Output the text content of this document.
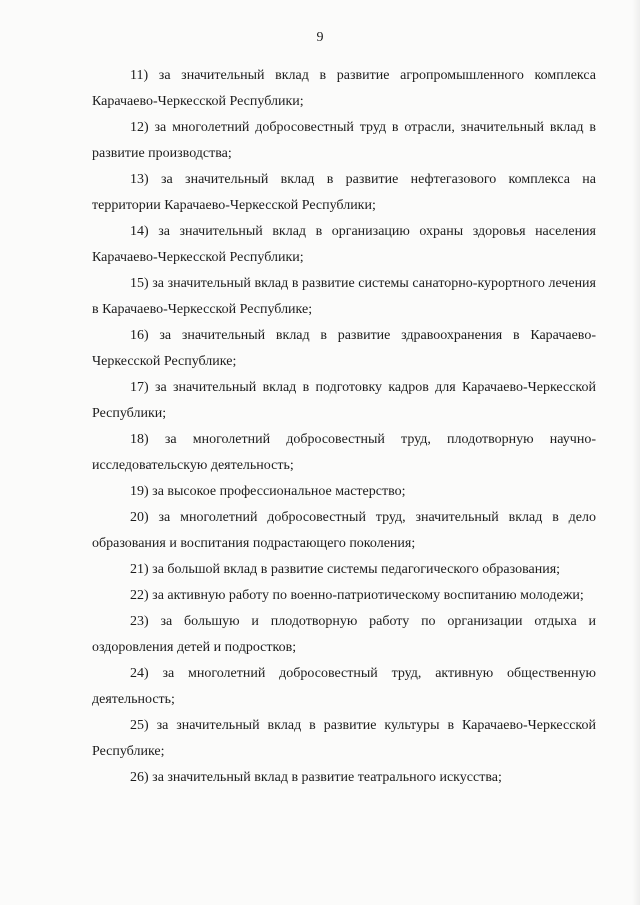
9

11) за значительный вклад в развитие агропромышленного комплекса Карачаево-Черкесской Республики;

12) за многолетний добросовестный труд в отрасли, значительный вклад в развитие производства;

13) за значительный вклад в развитие нефтегазового комплекса на территории Карачаево-Черкесской Республики;

14) за значительный вклад в организацию охраны здоровья населения Карачаево-Черкесской Республики;

15) за значительный вклад в развитие системы санаторно-курортного лечения в Карачаево-Черкесской Республике;

16) за значительный вклад в развитие здравоохранения в Карачаево-Черкесской Республике;

17) за значительный вклад в подготовку кадров для Карачаево-Черкесской Республики;

18) за многолетний добросовестный труд, плодотворную научно-исследовательскую деятельность;

19) за высокое профессиональное мастерство;

20) за многолетний добросовестный труд, значительный вклад в дело образования и воспитания подрастающего поколения;

21) за большой вклад в развитие системы педагогического образования;

22) за активную работу по военно-патриотическому воспитанию молодежи;

23) за большую и плодотворную работу по организации отдыха и оздоровления детей и подростков;

24) за многолетний добросовестный труд, активную общественную деятельность;

25) за значительный вклад в развитие культуры в Карачаево-Черкесской Республике;

26) за значительный вклад в развитие театрального искусства;
